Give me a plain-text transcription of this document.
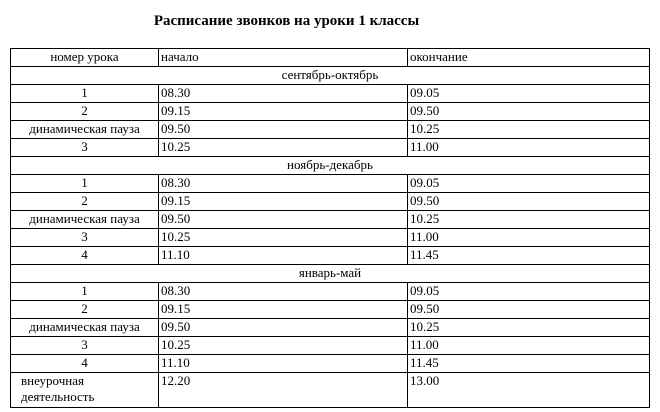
Расписание звонков на уроки 1 классы
номер урока	начало	окончание
сентябрь-октябрь		
1	08.30	09.05
2	09.15	09.50
динамическая пауза	09.50	10.25
3	10.25	11.00
ноябрь-декабрь		
1	08.30	09.05
2	09.15	09.50
динамическая пауза	09.50	10.25
3	10.25	11.00
4	11.10	11.45
январь-май		
1	08.30	09.05
2	09.15	09.50
динамическая пауза	09.50	10.25
3	10.25	11.00
4	11.10	11.45
внеурочная деятельность	12.20	13.00
